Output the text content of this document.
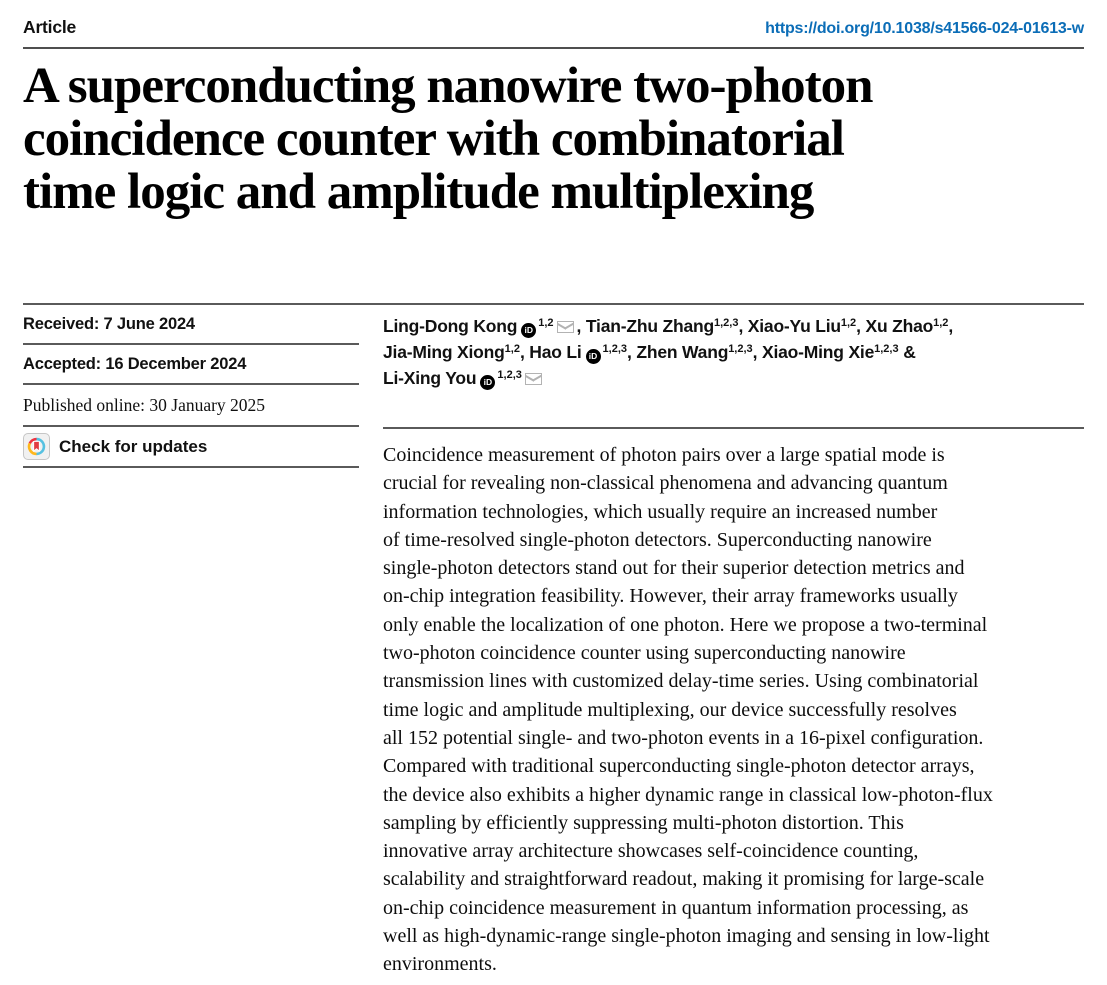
Article	https://doi.org/10.1038/s41566-024-01613-w
A superconducting nanowire two-photon
coincidence counter with combinatorial
time logic and amplitude multiplexing
Received: 7 June 2024
Accepted: 16 December 2024
Published online: 30 January 2025
Check for updates
Ling-Dong Kong iD$^{1,2}$ , Tian-Zhu Zhang$^{1,2,3}$, Xiao-Yu Liu$^{1,2}$, Xu Zhao$^{1,2}$,
Jia-Ming Xiong$^{1,2}$, Hao Li iD$^{1,2,3}$, Zhen Wang$^{1,2,3}$, Xiao-Ming Xie$^{1,2,3}$ &
Li-Xing You iD$^{1,2,3}$
Coincidence measurement of photon pairs over a large spatial mode is
crucial for revealing non-classical phenomena and advancing quantum
information technologies, which usually require an increased number
of time-resolved single-photon detectors. Superconducting nanowire
single-photon detectors stand out for their superior detection metrics and
on-chip integration feasibility. However, their array frameworks usually
only enable the localization of one photon. Here we propose a two-terminal
two-photon coincidence counter using superconducting nanowire
transmission lines with customized delay-time series. Using combinatorial
time logic and amplitude multiplexing, our device successfully resolves
all 152 potential single- and two-photon events in a 16-pixel configuration.
Compared with traditional superconducting single-photon detector arrays,
the device also exhibits a higher dynamic range in classical low-photon-flux
sampling by efficiently suppressing multi-photon distortion. This
innovative array architecture showcases self-coincidence counting,
scalability and straightforward readout, making it promising for large-scale
on-chip coincidence measurement in quantum information processing, as
well as high-dynamic-range single-photon imaging and sensing in low-light
environments.
